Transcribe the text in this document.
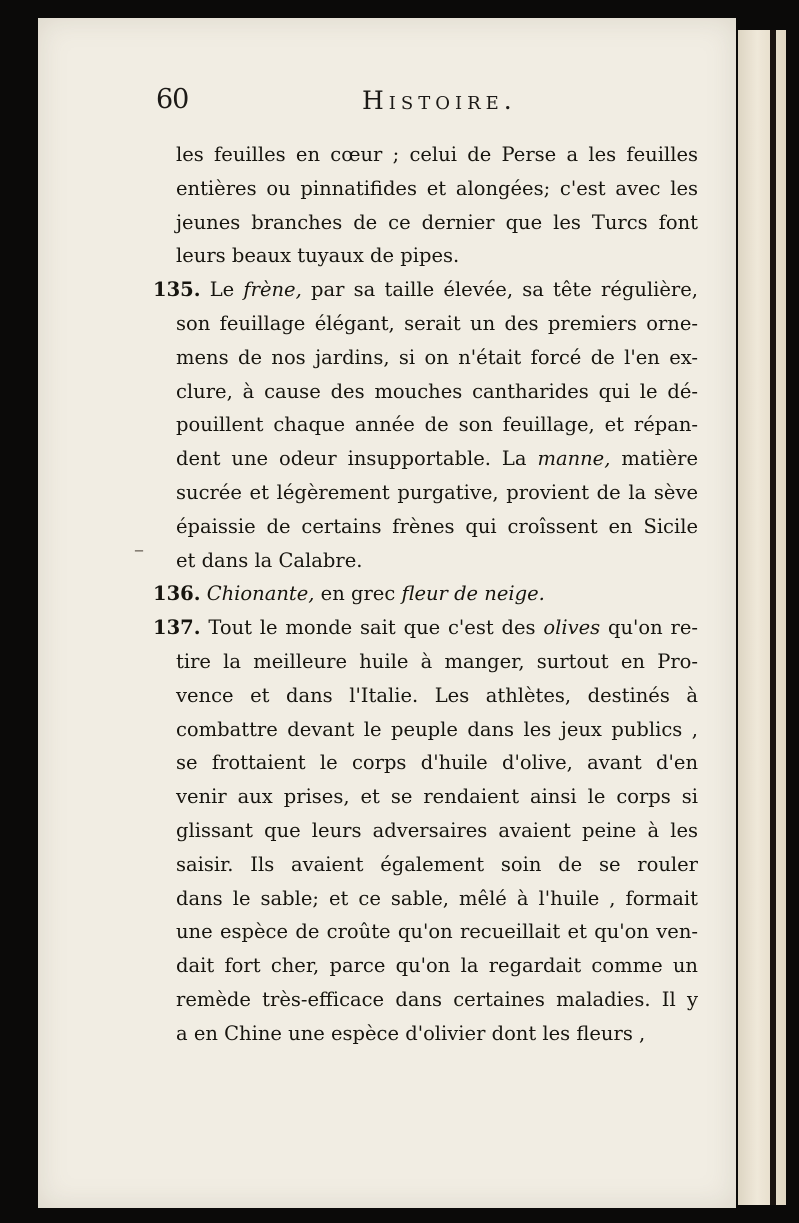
60	Histoire.
–
les feuilles en cœur ; celui de Perse a les feuilles
entières ou pinnatifides et alongées; c'est avec les
jeunes branches de ce dernier que les Turcs font
leurs beaux tuyaux de pipes.
135. Le frène, par sa taille élevée, sa tête régulière,
son feuillage élégant, serait un des premiers orne-
mens de nos jardins, si on n'était forcé de l'en ex-
clure, à cause des mouches cantharides qui le dé-
pouillent chaque année de son feuillage, et répan-
dent une odeur insupportable. La manne, matière
sucrée et légèrement purgative, provient de la sève
épaissie de certains frènes qui croîssent en Sicile
et dans la Calabre.
136. Chionante, en grec fleur de neige.
137. Tout le monde sait que c'est des olives qu'on re-
tire la meilleure huile à manger, surtout en Pro-
vence et dans l'Italie. Les athlètes, destinés à
combattre devant le peuple dans les jeux publics ,
se frottaient le corps d'huile d'olive, avant d'en
venir aux prises, et se rendaient ainsi le corps si
glissant que leurs adversaires avaient peine à les
saisir. Ils avaient également soin de se rouler
dans le sable; et ce sable, mêlé à l'huile , formait
une espèce de croûte qu'on recueillait et qu'on ven-
dait fort cher, parce qu'on la regardait comme un
remède très-efficace dans certaines maladies. Il y
a en Chine une espèce d'olivier dont les fleurs ,
